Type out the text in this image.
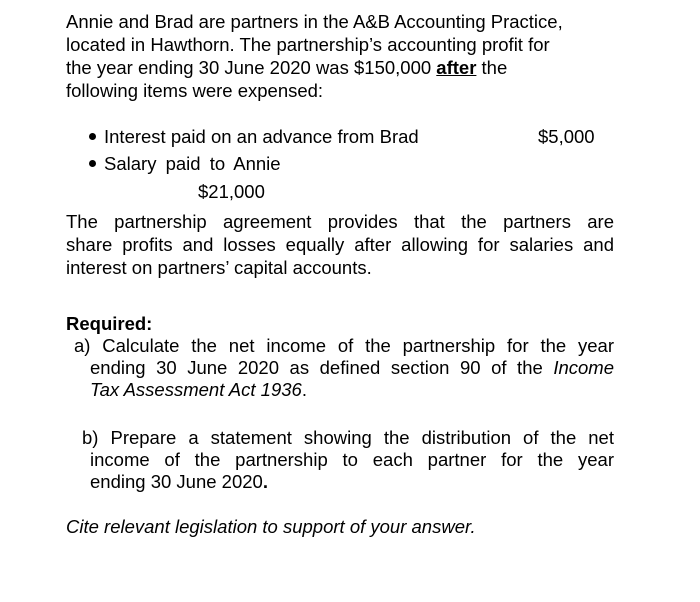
Annie and Brad are partners in the A&B Accounting Practice,
located in Hawthorn. The partnership’s accounting profit for
the year ending 30 June 2020 was $150,000 after the
following items were expensed:
Interest paid on an advance from Brad	$5,000
Salary paid to Annie
$21,000
The partnership agreement provides that the partners are
share profits and losses equally after allowing for salaries and
interest on partners’ capital accounts.
Required:
a) Calculate the net income of the partnership for the year
ending 30 June 2020 as defined section 90 of the Income
Tax Assessment Act 1936.
b) Prepare a statement showing the distribution of the net
income of the partnership to each partner for the year
ending 30 June 2020.
Cite relevant legislation to support of your answer.
